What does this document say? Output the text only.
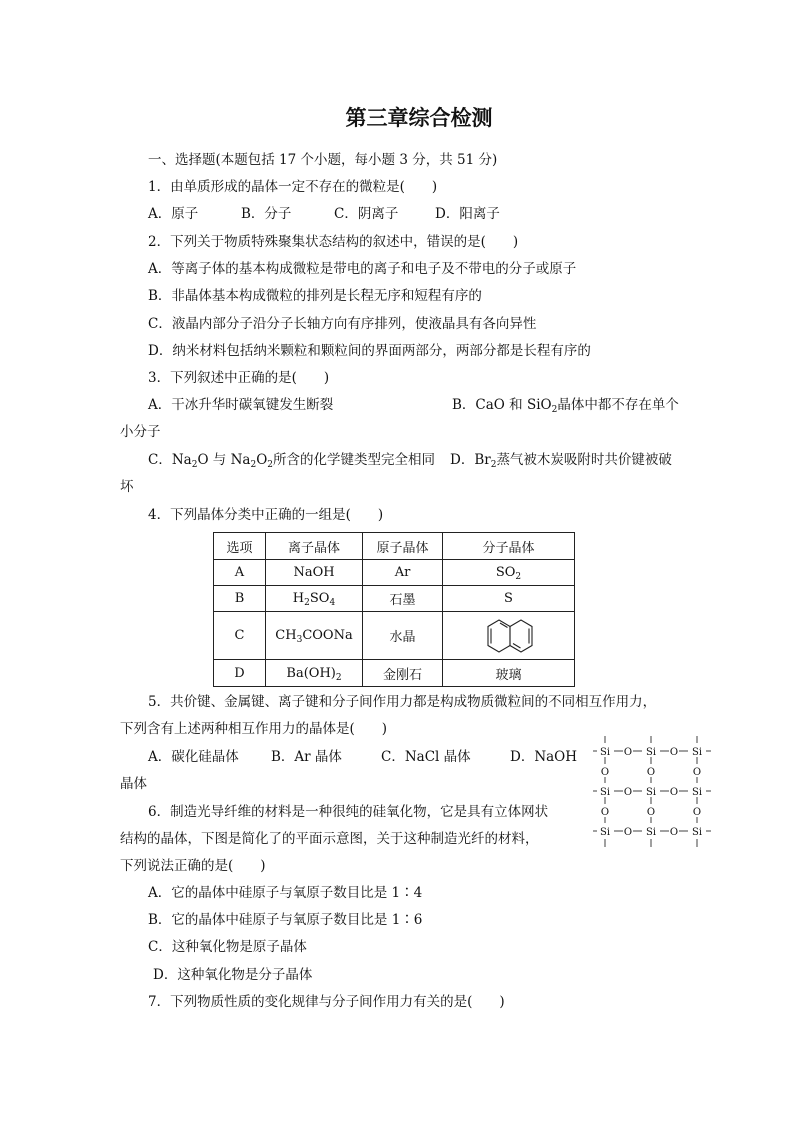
第三章综合检测
一、选择题(本题包括 17 个小题，每小题 3 分，共 51 分)
1．由单质形成的晶体一定不存在的微粒是(　　)
A．原子	B．分子	C．阴离子	D．阳离子
2．下列关于物质特殊聚集状态结构的叙述中，错误的是(　　)
A．等离子体的基本构成微粒是带电的离子和电子及不带电的分子或原子
B．非晶体基本构成微粒的排列是长程无序和短程有序的
C．液晶内部分子沿分子长轴方向有序排列，使液晶具有各向异性
D．纳米材料包括纳米颗粒和颗粒间的界面两部分，两部分都是长程有序的
3．下列叙述中正确的是(　　)
A．干冰升华时碳氧键发生断裂	B．CaO 和 SiO$_2$晶体中都不存在单个
小分子
C．$Na_2O$ 与 $Na_2O_2$所含的化学键类型完全相同 D．$Br_2$蒸气被木炭吸附时共价键被破
坏
4．下列晶体分类中正确的一组是(　　)
选项	离子晶体	原子晶体	分子晶体
A	NaOH	Ar	$SO_2$
B	$H_2SO_4$	石墨	S
C	$CH_3COONa$	水晶	

D	$Ba(OH)_2$	金刚石	玻璃
5．共价键、金属键、离子键和分子间作用力都是构成物质微粒间的不同相互作用力，
下列含有上述两种相互作用力的晶体是(　　)
A．碳化硅晶体 B．Ar 晶体	C．NaCl 晶体	D．NaOH
晶体
Si	Si	Si
O	O
Si	Si	Si
O	O
Si	Si	Si
O	O
O
O
O
O
O
O
6．制造光导纤维的材料是一种很纯的硅氧化物，它是具有立体网状
结构的晶体，下图是简化了的平面示意图，关于这种制造光纤的材料，
下列说法正确的是(　　)
A．它的晶体中硅原子与氧原子数目比是 1∶4
B．它的晶体中硅原子与氧原子数目比是 1∶6
C．这种氧化物是原子晶体
D．这种氧化物是分子晶体
7．下列物质性质的变化规律与分子间作用力有关的是(　　)
